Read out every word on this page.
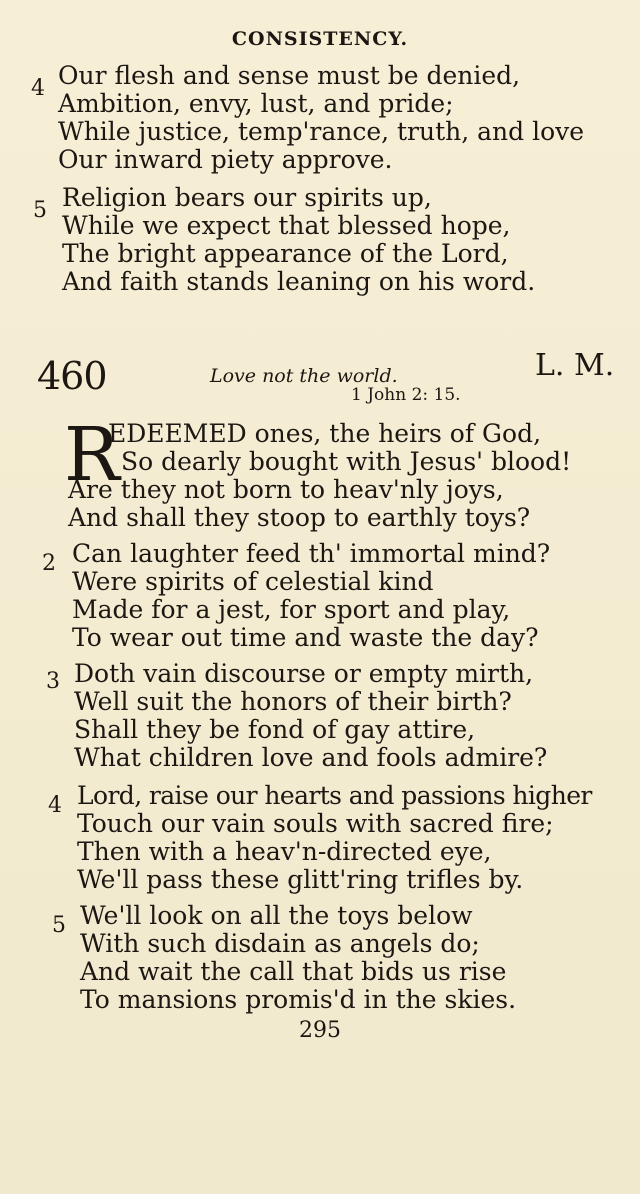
CONSISTENCY.
4 Our flesh and sense must be denied,
Ambition, envy, lust, and pride;
While justice, temp'rance, truth, and love
Our inward piety approve.
5 Religion bears our spirits up,
While we expect that blessed hope,
The bright appearance of the Lord,
And faith stands leaning on his word.
460	Love not the world.
1 John 2: 15.
L. M.
R
EDEEMED ones, the heirs of God,
So dearly bought with Jesus' blood!
Are they not born to heav'nly joys,
And shall they stoop to earthly toys?
2 Can laughter feed th' immortal mind?
Were spirits of celestial kind
Made for a jest, for sport and play,
To wear out time and waste the day?
3 Doth vain discourse or empty mirth,
Well suit the honors of their birth?
Shall they be fond of gay attire,
What children love and fools admire?
4 Lord, raise our hearts and passions higher
Touch our vain souls with sacred fire;
Then with a heav'n-directed eye,
We'll pass these glitt'ring trifles by.
5 We'll look on all the toys below
With such disdain as angels do;
And wait the call that bids us rise
To mansions promis'd in the skies.
295
